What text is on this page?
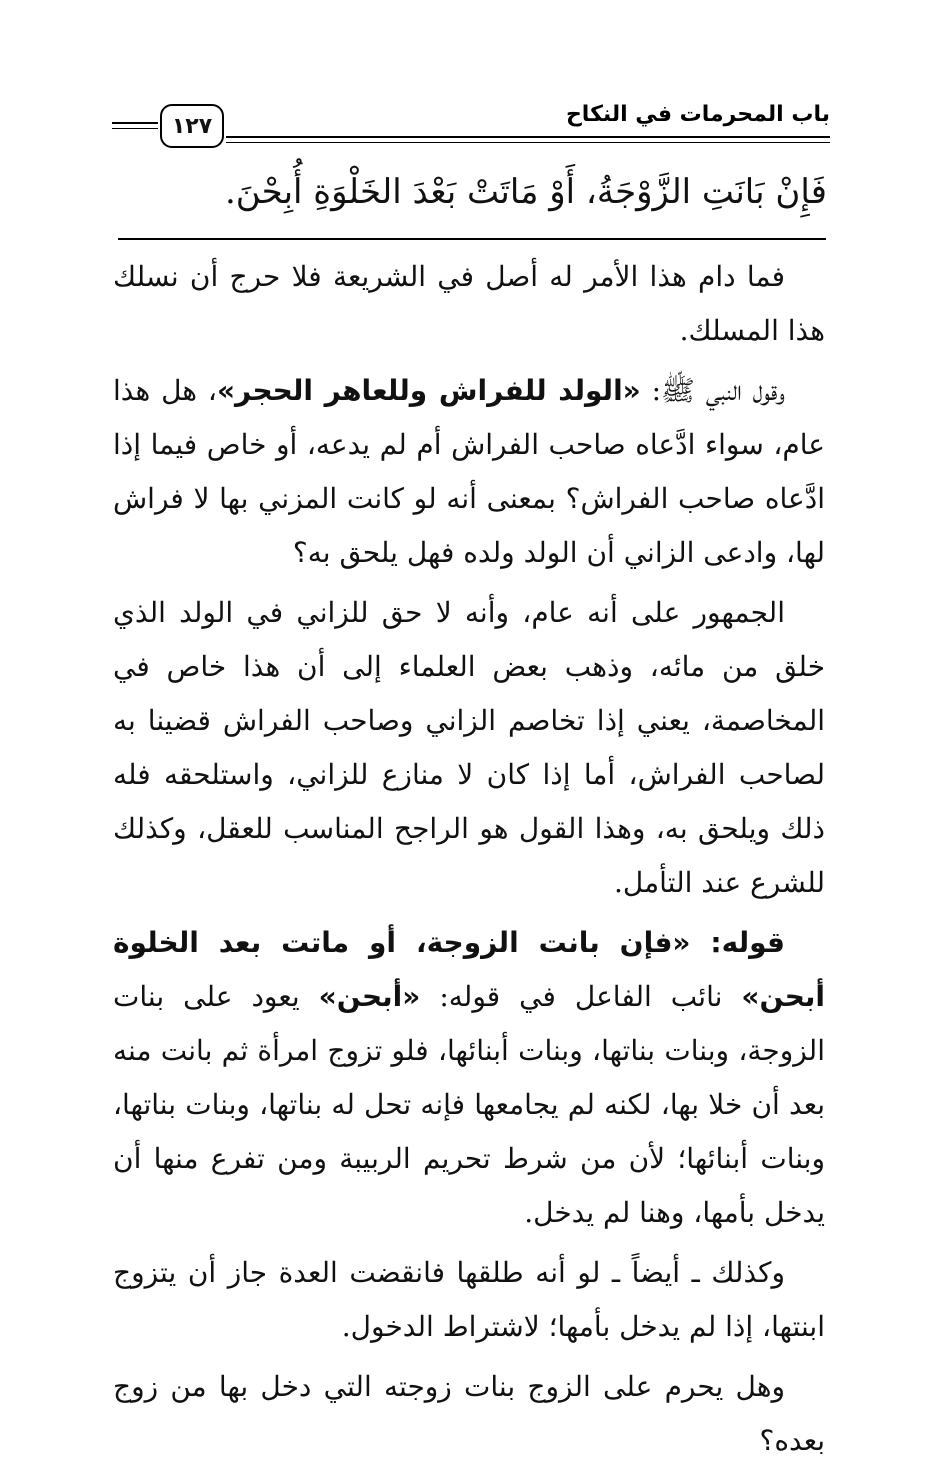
باب المحرمات في النكاح
١٢٧
فَإِنْ بَانَتِ الزَّوْجَةُ، أَوْ مَاتَتْ بَعْدَ الخَلْوَةِ أُبِحْنَ.

فما دام هذا الأمر له أصل في الشريعة فلا حرج أن نسلك هذا المسلك.

وقول النبي ﷺ: «الولد للفراش وللعاهر الحجر»، هل هذا عام، سواء ادَّعاه صاحب الفراش أم لم يدعه، أو خاص فيما إذا ادَّعاه صاحب الفراش؟ بمعنى أنه لو كانت المزني بها لا فراش لها، وادعى الزاني أن الولد ولده فهل يلحق به؟

الجمهور على أنه عام، وأنه لا حق للزاني في الولد الذي خلق من مائه، وذهب بعض العلماء إلى أن هذا خاص في المخاصمة، يعني إذا تخاصم الزاني وصاحب الفراش قضينا به لصاحب الفراش، أما إذا كان لا منازع للزاني، واستلحقه فله ذلك ويلحق به، وهذا القول هو الراجح المناسب للعقل، وكذلك للشرع عند التأمل.

قوله: «فإن بانت الزوجة، أو ماتت بعد الخلوة أبحن» نائب الفاعل في قوله: «أبحن» يعود على بنات الزوجة، وبنات بناتها، وبنات أبنائها، فلو تزوج امرأة ثم بانت منه بعد أن خلا بها، لكنه لم يجامعها فإنه تحل له بناتها، وبنات بناتها، وبنات أبنائها؛ لأن من شرط تحريم الربيبة ومن تفرع منها أن يدخل بأمها، وهنا لم يدخل.

وكذلك ـ أيضاً ـ لو أنه طلقها فانقضت العدة جاز أن يتزوج ابنتها، إذا لم يدخل بأمها؛ لاشتراط الدخول.

وهل يحرم على الزوج بنات زوجته التي دخل بها من زوج بعده؟
